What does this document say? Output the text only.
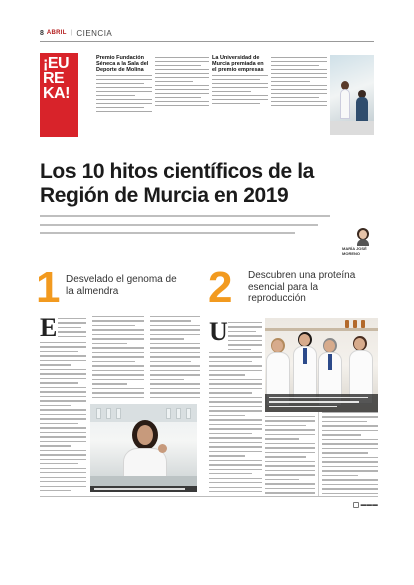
8 ABRIL | CIENCIA
¡EU RE KA!
Premio Fundación Séneca a la Sala del Deporte de Molina
La Universidad de Murcia premiada en el premio empresas
Los 10 hitos científicos de la Región de Murcia en 2019
MARÍA JOSÉ MORENO
1 Desvelado el genoma de la almendra	2 Descubren una proteína esencial para la reproducción
E	U
▬▬▬
